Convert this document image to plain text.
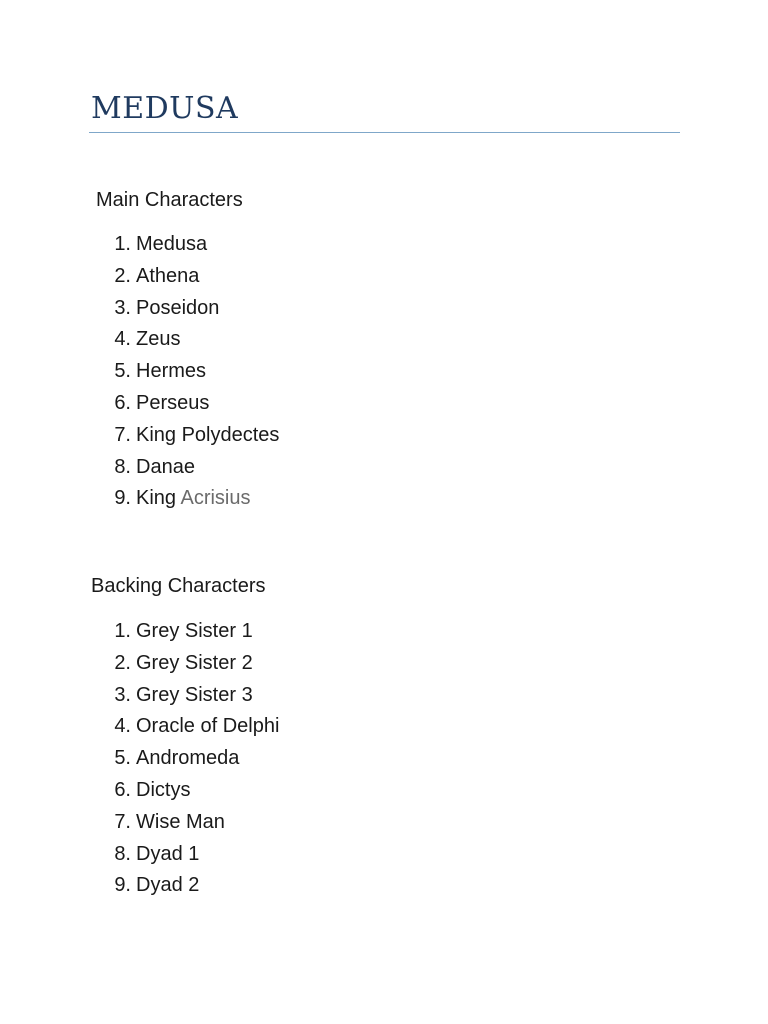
MEDUSA
Main Characters
1. Medusa
2. Athena
3. Poseidon
4. Zeus
5. Hermes
6. Perseus
7. King Polydectes
8. Danae
9. King Acrisius
Backing Characters
1. Grey Sister 1
2. Grey Sister 2
3. Grey Sister 3
4. Oracle of Delphi
5. Andromeda
6. Dictys
7. Wise Man
8. Dyad 1
9. Dyad 2
